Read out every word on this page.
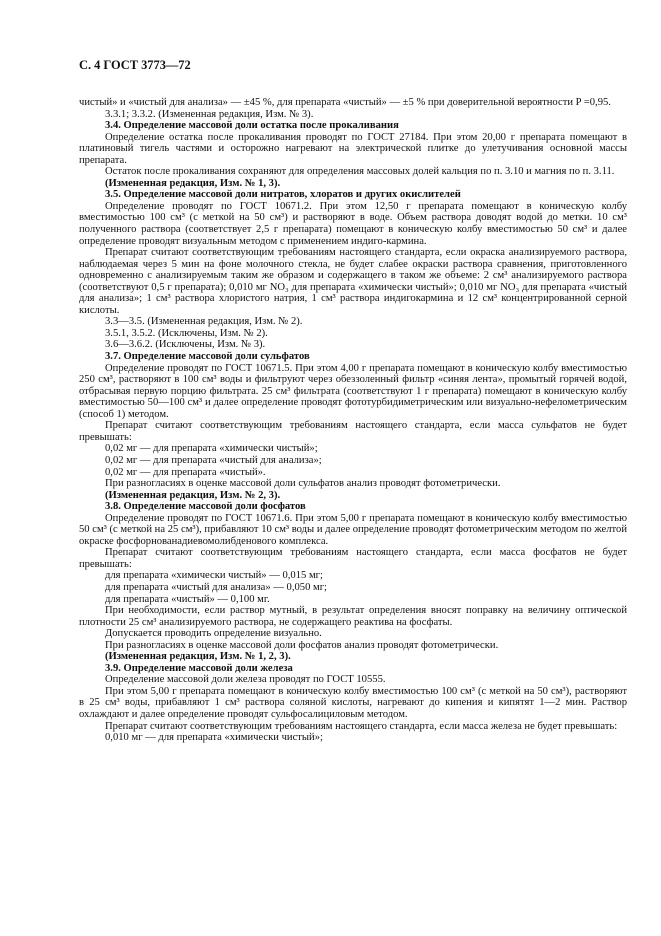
С. 4 ГОСТ 3773—72

чистый» и «чистый для анализа» — ±45 %, для препарата «чистый» — ±5 % при доверительной вероятности P =0,95.

3.3.1; 3.3.2. (Измененная редакция, Изм. № 3).

3.4. Определение массовой доли остатка после прокаливания

Определение остатка после прокаливания проводят по ГОСТ 27184. При этом 20,00 г препарата помещают в платиновый тигель частями и осторожно нагревают на электрической плитке до улетучивания основной массы препарата.

Остаток после прокаливания сохраняют для определения массовых долей кальция по п. 3.10 и магния по п. 3.11.

(Измененная редакция, Изм. № 1, 3).

3.5. Определение массовой доли нитратов, хлоратов и других окислителей

Определение проводят по ГОСТ 10671.2. При этом 12,50 г препарата помещают в коническую колбу вместимостью 100 см³ (с меткой на 50 см³) и растворяют в воде. Объем раствора доводят водой до метки. 10 см³ полученного раствора (соответствует 2,5 г препарата) помещают в коническую колбу вместимостью 50 см³ и далее определение проводят визуальным методом с применением индиго-кармина.

Препарат считают соответствующим требованиям настоящего стандарта, если окраска анализируемого раствора, наблюдаемая через 5 мин на фоне молочного стекла, не будет слабее окраски раствора сравнения, приготовленного одновременно с анализируемым таким же образом и содержащего в таком же объеме: 2 см³ анализируемого раствора (соответствуют 0,5 г препарата); 0,010 мг NO₃ для препарата «химически чистый»; 0,010 мг NO₃ для препарата «чистый для анализа»; 1 см³ раствора хлористого натрия, 1 см³ раствора индигокармина и 12 см³ концентрированной серной кислоты.

3.3—3.5. (Измененная редакция, Изм. № 2).

3.5.1, 3.5.2. (Исключены, Изм. № 2).

3.6—3.6.2. (Исключены, Изм. № 3).

3.7. Определение массовой доли сульфатов

Определение проводят по ГОСТ 10671.5. При этом 4,00 г препарата помещают в коническую колбу вместимостью 250 см³, растворяют в 100 см³ воды и фильтруют через обеззоленный фильтр «синяя лента», промытый горячей водой, отбрасывая первую порцию фильтрата. 25 см³ фильтрата (соответствуют 1 г препарата) помещают в коническую колбу вместимостью 50—100 см³ и далее определение проводят фототурбидиметрическим или визуально-нефелометрическим (способ 1) методом.

Препарат считают соответствующим требованиям настоящего стандарта, если масса сульфатов не будет превышать:

0,02 мг — для препарата «химически чистый»;

0,02 мг — для препарата «чистый для анализа»;

0,02 мг — для препарата «чистый».

При разногласиях в оценке массовой доли сульфатов анализ проводят фотометрически.

(Измененная редакция, Изм. № 2, 3).

3.8. Определение массовой доли фосфатов

Определение проводят по ГОСТ 10671.6. При этом 5,00 г препарата помещают в коническую колбу вместимостью 50 см³ (с меткой на 25 см³), прибавляют 10 см³ воды и далее определение проводят фотометрическим методом по желтой окраске фосфорнованадиевомолибденового комплекса.

Препарат считают соответствующим требованиям настоящего стандарта, если масса фосфатов не будет превышать:

для препарата «химически чистый» — 0,015 мг;

для препарата «чистый для анализа» — 0,050 мг;

для препарата «чистый» — 0,100 мг.

При необходимости, если раствор мутный, в результат определения вносят поправку на величину оптической плотности 25 см³ анализируемого раствора, не содержащего реактива на фосфаты.

Допускается проводить определение визуально.

При разногласиях в оценке массовой доли фосфатов анализ проводят фотометрически.

(Измененная редакция, Изм. № 1, 2, 3).

3.9. Определение массовой доли железа

Определение массовой доли железа проводят по ГОСТ 10555.

При этом 5,00 г препарата помещают в коническую колбу вместимостью 100 см³ (с меткой на 50 см³), растворяют в 25 см³ воды, прибавляют 1 см³ раствора соляной кислоты, нагревают до кипения и кипятят 1—2 мин. Раствор охлаждают и далее определение проводят сульфосалициловым методом.

Препарат считают соответствующим требованиям настоящего стандарта, если масса железа не будет превышать:

0,010 мг — для препарата «химически чистый»;
